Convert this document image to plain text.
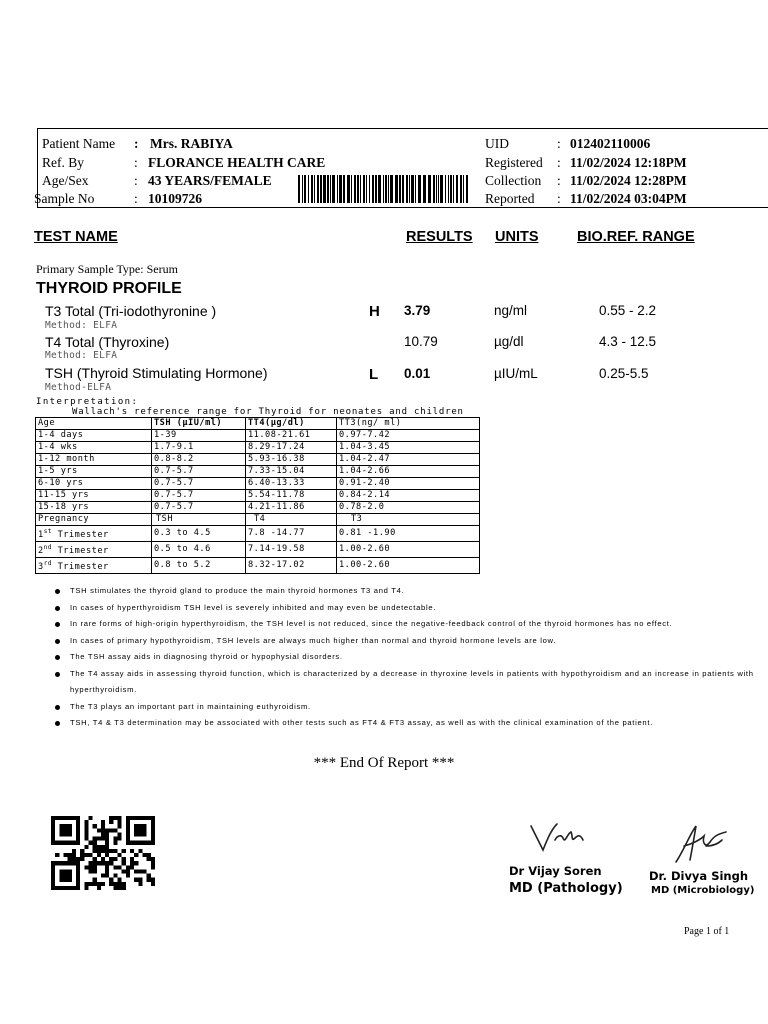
Patient Name : Mrs. RABIYA
Ref. By	: FLORANCE HEALTH CARE
Age/Sex	: 43 YEARS/FEMALE
Sample No	: 10109726
UID	: 012402110006
Registered : 11/02/2024 12:18PM
Collection : 11/02/2024 12:28PM
Reported : 11/02/2024 03:04PM
TEST NAME	RESULTS UNITS	BIO.REF. RANGE
Primary Sample Type: Serum
THYROID PROFILE
T3 Total (Tri-iodothyronine )
Method: ELFA
H 3.79	ng/ml	0.55 - 2.2
T4 Total (Thyroxine)
Method: ELFA
10.79	µg/dl	4.3 - 12.5
TSH (Thyroid Stimulating Hormone)
Method-ELFA
L 0.01	µIU/mL	0.25-5.5
Interpretation:
Wallach's reference range for Thyroid for neonates and children
Age	TSH (µIU/ml)	TT4(µg/dl)	TT3(ng/ ml)
1-4 days	1-39	11.08-21.61	0.97-7.42
1-4 wks	1.7-9.1	8.29-17.24	1.04-3.45
1-12 month	0.8-8.2	5.93-16.38	1.04-2.47
1-5 yrs	0.7-5.7	7.33-15.04	1.04-2.66
6-10 yrs	0.7-5.7	6.40-13.33	0.91-2.40
11-15 yrs	0.7-5.7	5.54-11.78	0.84-2.14
15-18 yrs	0.7-5.7	4.21-11.86	0.78-2.0
Pregnancy	TSH	T4	T3
1st Trimester	0.3 to 4.5	7.8 -14.77	0.81 -1.90
2nd Trimester	0.5 to 4.6	7.14-19.58	1.00-2.60
3rd Trimester	0.8 to 5.2	8.32-17.02	1.00-2.60
TSH stimulates the thyroid gland to produce the main thyroid hormones T3 and T4.
In cases of hyperthyroidism TSH level is severely inhibited and may even be undetectable.
In rare forms of high-origin hyperthyroidism, the TSH level is not reduced, since the negative-feedback control of the thyroid hormones has no effect.
In cases of primary hypothyroidism, TSH levels are always much higher than normal and thyroid hormone levels are low.
The TSH assay aids in diagnosing thyroid or hypophysial disorders.
The T4 assay aids in assessing thyroid function, which is characterized by a decrease in thyroxine levels in patients with hypothyroidism and an increase in patients with hyperthyroidism.
The T3 plays an important part in maintaining euthyroidism.
TSH, T4 & T3 determination may be associated with other tests such as FT4 & FT3 assay, as well as with the clinical examination of the patient.
*** End Of Report ***
Dr Vijay Soren
MD (Pathology)
Dr. Divya Singh
MD (Microbiology)
Page 1 of 1
